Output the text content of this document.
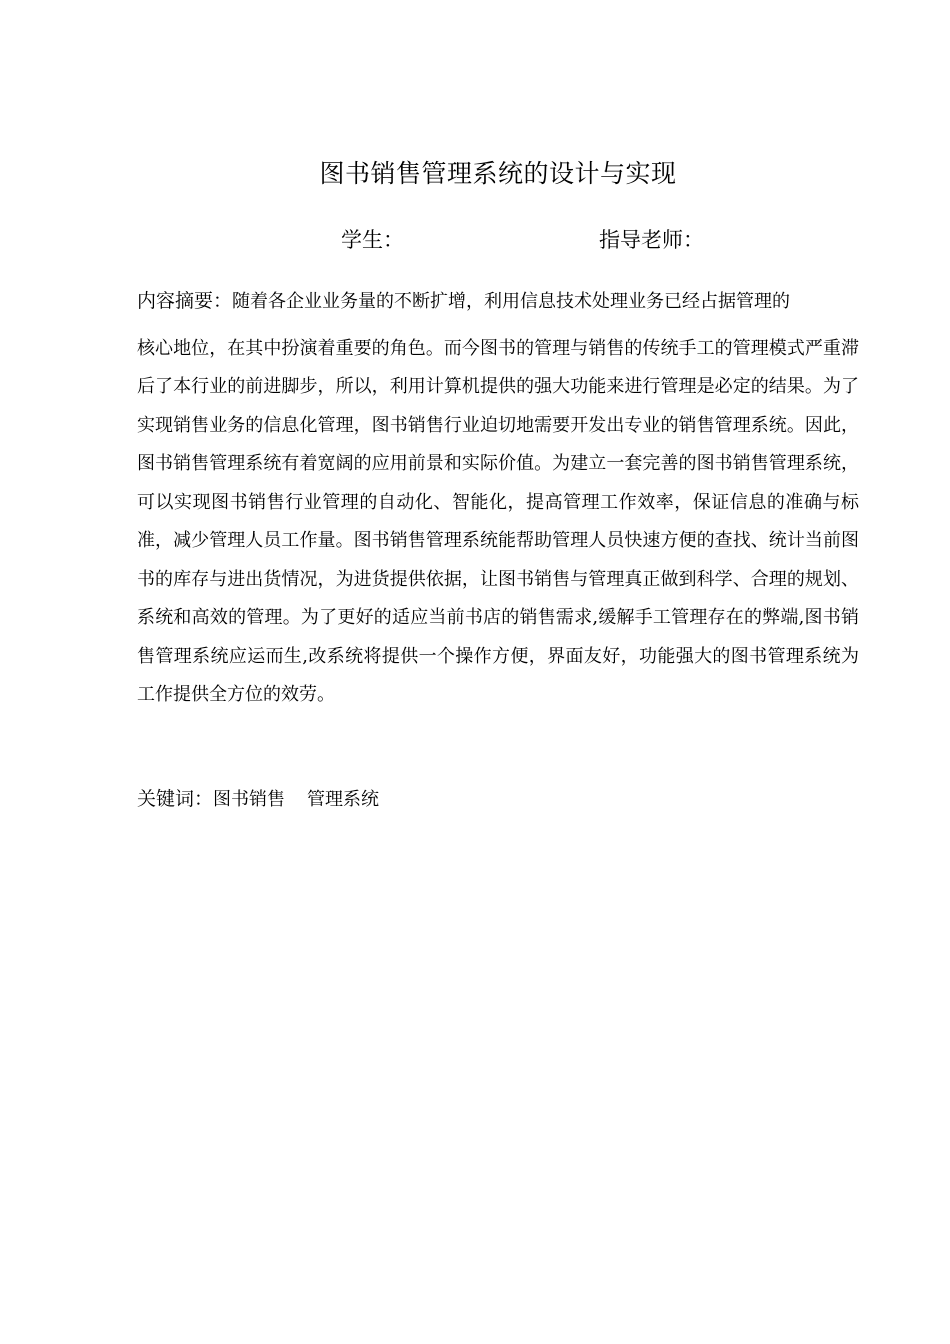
图书销售管理系统的设计与实现
学生：	指导老师：
内容摘要：随着各企业业务量的不断扩增，利用信息技术处理业务已经占据管理的
核心地位，在其中扮演着重要的角色。而今图书的管理与销售的传统手工的管理模式严重滞后了本行业的前进脚步，所以，利用计算机提供的强大功能来进行管理是必定的结果。为了实现销售业务的信息化管理，图书销售行业迫切地需要开发出专业的销售管理系统。因此，图书销售管理系统有着宽阔的应用前景和实际价值。为建立一套完善的图书销售管理系统，可以实现图书销售行业管理的自动化、智能化，提高管理工作效率，保证信息的准确与标准，减少管理人员工作量。图书销售管理系统能帮助管理人员快速方便的查找、统计当前图书的库存与进出货情况，为进货提供依据，让图书销售与管理真正做到科学、合理的规划、系统和高效的管理。为了更好的适应当前书店的销售需求,缓解手工管理存在的弊端,图书销售管理系统应运而生,改系统将提供一个操作方便，界面友好，功能强大的图书管理系统为工作提供全方位的效劳。
关键词：图书销售 管理系统
